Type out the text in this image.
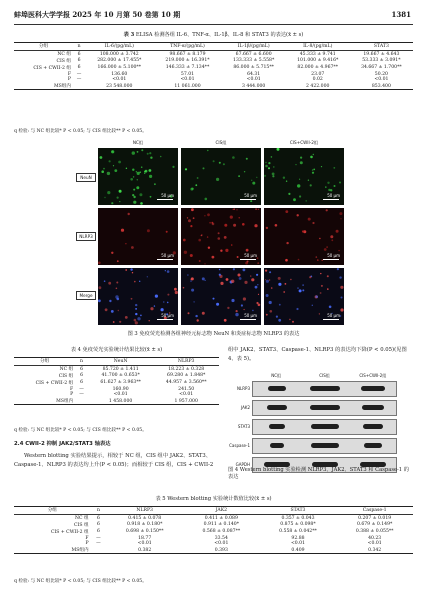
蚌埠医科大学学报 2025 年 10 月第 50 卷第 10 期	1381
表 3 ELISA 检测各组 IL-6、TNF-α、IL-1β、IL-8 和 STAT3 的表达(x̄ ± s)
分组	n	IL-6/(pg/mL)	TNF-α/(pg/mL)	IL-1β/(pg/mL)	IL-8/(pg/mL)	STAT3
NC 组	6	108.000 ± 3.742	98.667 ± 8.179	67.667 ± 6.600	45.333 ± 9.741	19.667 ± 4.643
CIS 组	6	282.000 ± 17.455*	219.000 ± 16.391*	133.333 ± 5.558*	101.000 ± 9.416*	53.333 ± 3.091*
CIS + CWII-2 组	6	166.000 ± 5.100**	146.333 ± 7.134**	86.000 ± 5.715**	82.000 ± 4.967**	34.667 ± 1.700**
F	—	136.60	57.01	64.31	23.07	50.20
P	—	<0.01	<0.01	<0.01	0.02	<0.01
MS组内		23 548.000	11 061.000	3 444.000	2 422.000	853.400
q 检验: 与 NC 组比较* P < 0.05; 与 CIS 组比较** P < 0.05。
NC组	CIS组	CIS+CWII-2组
NeuN
NLRP3
Merge
50 μm	50 μm	50 μm
50 μm	50 μm	50 μm
50 μm	50 μm	50 μm
图 3 免疫荧光检测各组神经元标志物 NeuN 和炎症标志物 NLRP3 的表达
表 4 免疫荧光实验统计结果比较(x̄ ± s)
分组	n	NeuN	NLRP3
NC 组	6	85.720 ± 1.411	18.223 ± 0.328
CIS 组	6	41.700 ± 0.653*	69.280 ± 1.848*
CIS + CWII-2 组	6	61.627 ± 3.963**	44.957 ± 3.560**
F	—	160.90	241.50
P	—	<0.01	<0.01
MS组内		1 458.000	1 957.000
q 检验: 与 NC 组比较* P < 0.05; 与 CIS 组比较** P < 0.05。
2.4 CWII-2 抑制 JAK2/STAT3 轴表达
Western blotting 实验结果提示，相较于 NC 组，CIS 组中 JAK2、STAT3、Caspase-1、NLRP3 的表达均上升(P < 0.05)；而相较于 CIS 组，CIS + CWII-2
组中 JAK2、STAT3、Caspase-1、NLRP3 的表达均下降(P < 0.05)(见图 4、表 5)。
NC组	CIS组	CIS+CWII-2组
NLRP3
JAK2
STAT3
Caspase-1
GAPDH
图 4 Western blotting 实验检测 NLRP3、JAK2、STAT3 和 Caspase-1 的表达
表 5 Western blotting 实验统计数值比较(x̄ ± s)
分组	n	NLRP3	JAK2	STAT3	Caspase-1
NC 组	6	0.415 ± 0.078	0.411 ± 0.089	0.357 ± 0.043	0.207 ± 0.019
CIS 组	6	0.918 ± 0.180*	0.911 ± 0.140*	0.875 ± 0.098*	0.679 ± 0.149*
CIS + CWII-2 组	6	0.698 ± 0.150**	0.568 ± 0.087**	0.558 ± 0.042**	0.388 ± 0.055**
F	—	18.77	33.54	92.88	40.23
P	—	<0.01	<0.01	<0.01	<0.01
MS组内		0.382	0.393	0.409	0.342
q 检验: 与 NC 组比较* P < 0.05; 与 CIS 组比较** P < 0.05。
